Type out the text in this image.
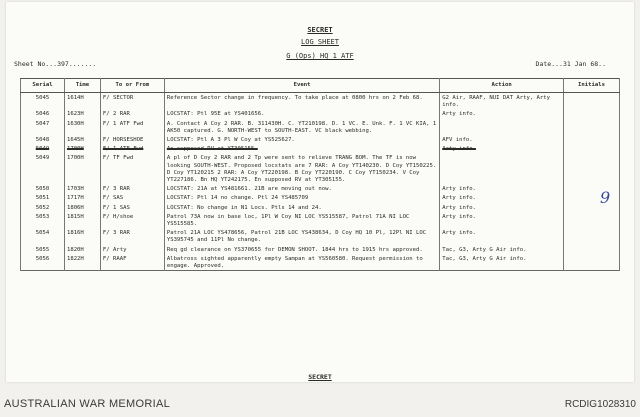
SECRET
LOG SHEET
G (Ops) HQ 1 ATF
Sheet No...397.......	Date...31 Jan 68..
Serial	Time	To or From	Event	Action	Initials
5045	1614H	F/ SECTOR	Reference Sector change in frequency. To take place at 0800 hrs on 2 Feb 68.	G2 Air, RAAF, NUI DAT Arty, Arty info.	
5046	1623H	F/ 2 RAR	LOCSTAT: Ptl 95E at YS401656.	Arty info.	
5047	1630H	F/ 1 ATF Fwd	A. Contact A Coy 2 RAR. B. 311430H. C. YT210198. D. 1 VC. E. Unk. F. 1 VC KIA, 1 AK50 captured. G. NORTH-WEST to SOUTH-EAST. VC black webbing.		
5048	1645H	F/ HORSESHOE	LOCSTAT: Ptl A 3 Pl W Coy at YS525627.	AFV info.	
5049	1700H	F/ 1 ATF Fwd	As supposed RV at YT305155.	Arty info.	
5049	1700H	F/ TF Fwd	A pl of D Coy 2 RAR and 2 Tp were sent to relieve TRANG BOM. The TF is now looking SOUTH-WEST. Proposed locstats are 7 RAR: A Coy YT140230. D Coy YT150225. D Coy YT120215 2 RAR: A Coy YT220198. B Coy YT220190. C Coy YT150234. V Coy YT227186. Bn HQ YT242175. En supposed RV at YT305155.		
5050	1703H	F/ 3 RAR	LOCSTAT: 21A at YS481661. 21B are moving out now.	Arty info.	
5051	1717H	F/ SAS	LOCSTAT: Ptl 14 no change. Ptl 24 YS485709	Arty info.	
5052	1806H	F/ 1 SAS	LOCSTAT: No change in N1 Locs. Ptls 14 and 24.	Arty info.	
5053	1815H	F/ H/shoe	Patrol 73A now in base loc, 1Pl W Coy NI LOC YS515587, Patrol 71A NI LOC YS515585.	Arty info.	
5054	1816H	F/ 3 RAR	Patrol 21A LOC YS478656, Patrol 21B LOC YS438634, D Coy HQ 10 Pl, 12Pl NI LOC YS395745 and 11Pl No change.	Arty info.	
5055	1820H	F/ Arty	Req gd clearance on YS370655 for DEMON SHOOT. 1844 hrs to 1915 hrs approved.	Tac, G3, Arty G Air info.	
5056	1822H	F/ RAAF	Albatross sighted apparently empty Sampan at YS560580. Request permission to engage. Approved.	Tac, G3, Arty G Air info.	
9
SECRET
AUSTRALIAN WAR MEMORIAL	RCDIG1028310
